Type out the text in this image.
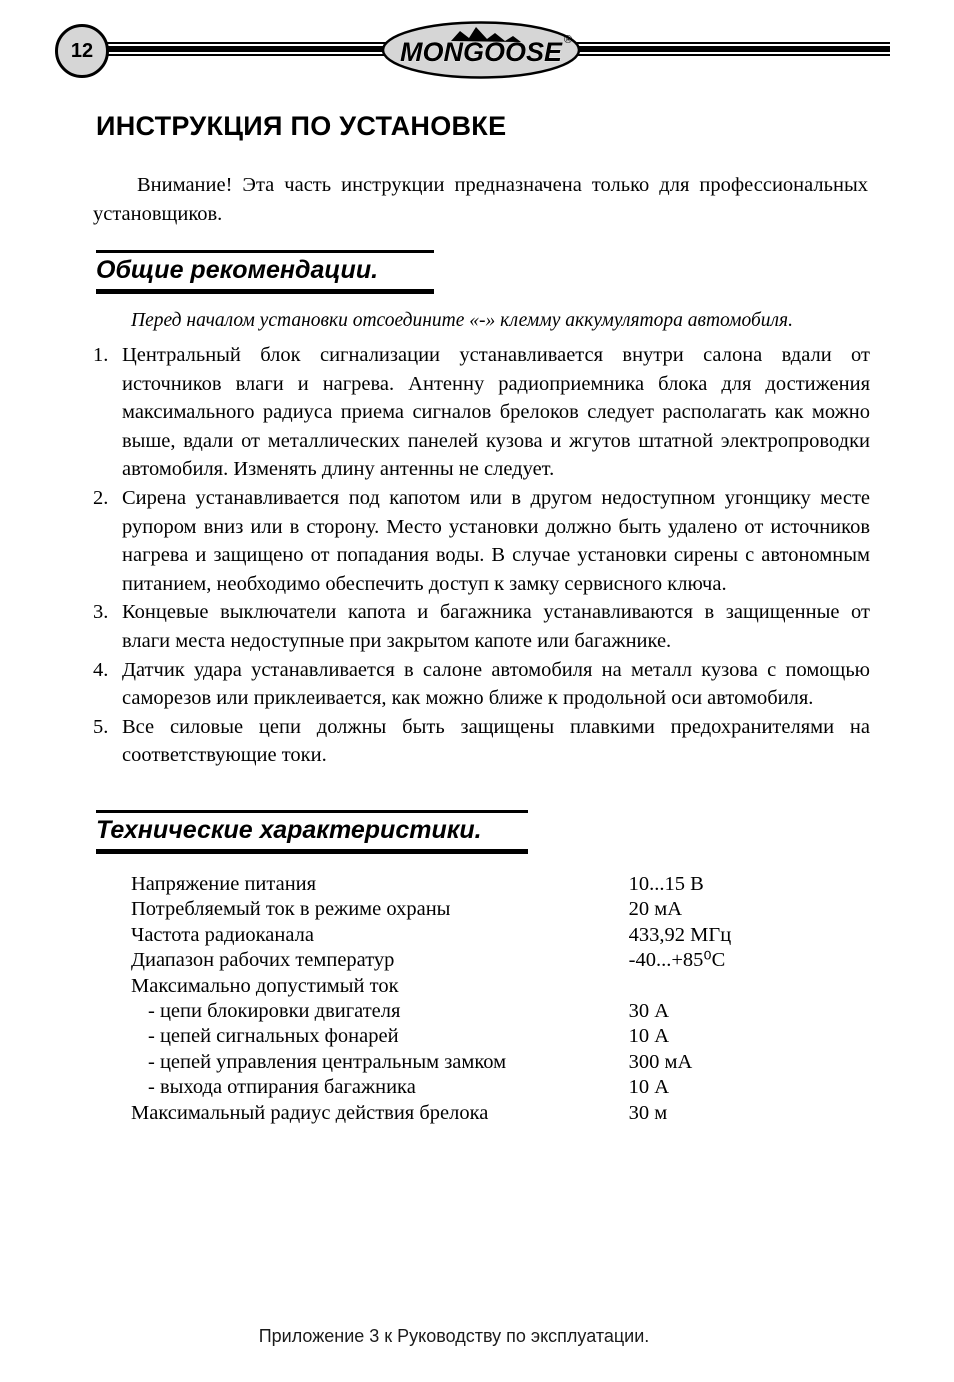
12	MONGOOSE ®
ИНСТРУКЦИЯ ПО УСТАНОВКЕ

Внимание! Эта часть инструкции предназначена только для профессиональных установщиков.

Общие рекомендации.

Перед началом установки отсоедините «-» клемму аккумулятора автомобиля.

1. Центральный блок сигнализации устанавливается внутри салона вдали от источников влаги и нагрева. Антенну радиоприемника блока для достижения максимального радиуса приема сигналов брелоков следует располагать как можно выше, вдали от металлических панелей кузова и жгутов штатной электропроводки автомобиля. Изменять длину антенны не следует.
2. Сирена устанавливается под капотом или в другом недоступном угонщику месте рупором вниз или в сторону. Место установки должно быть удалено от источников нагрева и защищено от попадания воды. В случае установки сирены с автономным питанием, необходимо обеспечить доступ к замку сервисного ключа.
3. Концевые выключатели капота и багажника устанавливаются в защищенные от влаги места недоступные при закрытом капоте или багажнике.
4. Датчик удара устанавливается в салоне автомобиля на металл кузова с помощью саморезов или приклеивается, как можно ближе к продольной оси автомобиля.
5. Все силовые цепи должны быть защищены плавкими предохранителями на соответствующие токи.
Технические характеристики.
Напряжение питания	10...15 В
Потребляемый ток в режиме охраны	20 мА
Частота радиоканала	433,92 МГц
Диапазон рабочих температур	-40...+85⁰C
Максимально допустимый ток	
- цепи блокировки двигателя	30 А
- цепей сигнальных фонарей	10 А
- цепей управления центральным замком	300 мА
- выхода отпирания багажника	10 А
Максимальный радиус действия брелока	30 м
Приложение 3 к Руководству по эксплуатации.
